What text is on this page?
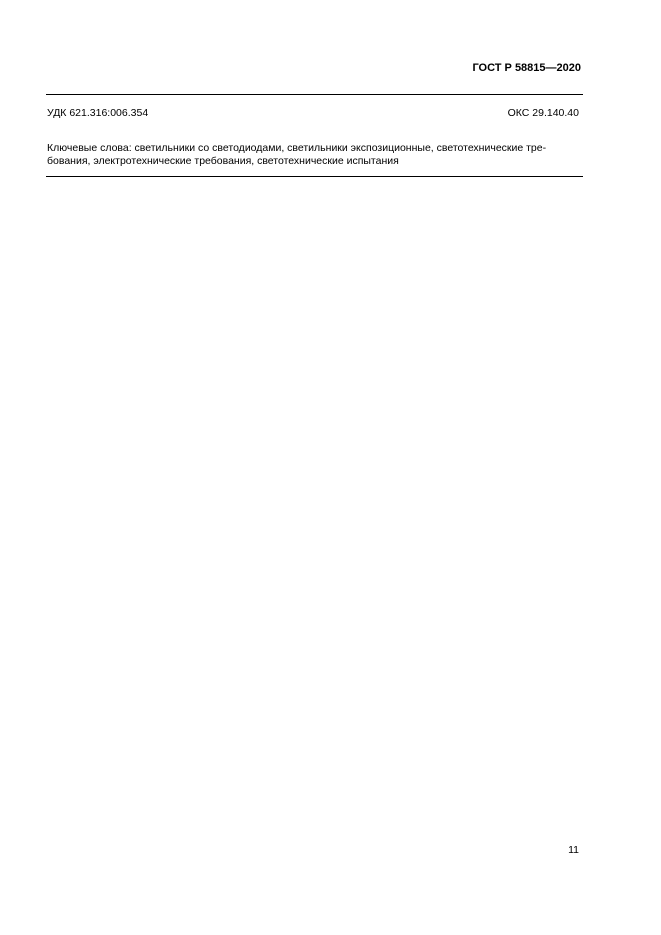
ГОСТ Р 58815—2020
УДК 621.316:006.354	ОКС 29.140.40
Ключевые слова: светильники со светодиодами, светильники экспозиционные, светотехнические тре-
бования, электротехнические требования, светотехнические испытания
11
